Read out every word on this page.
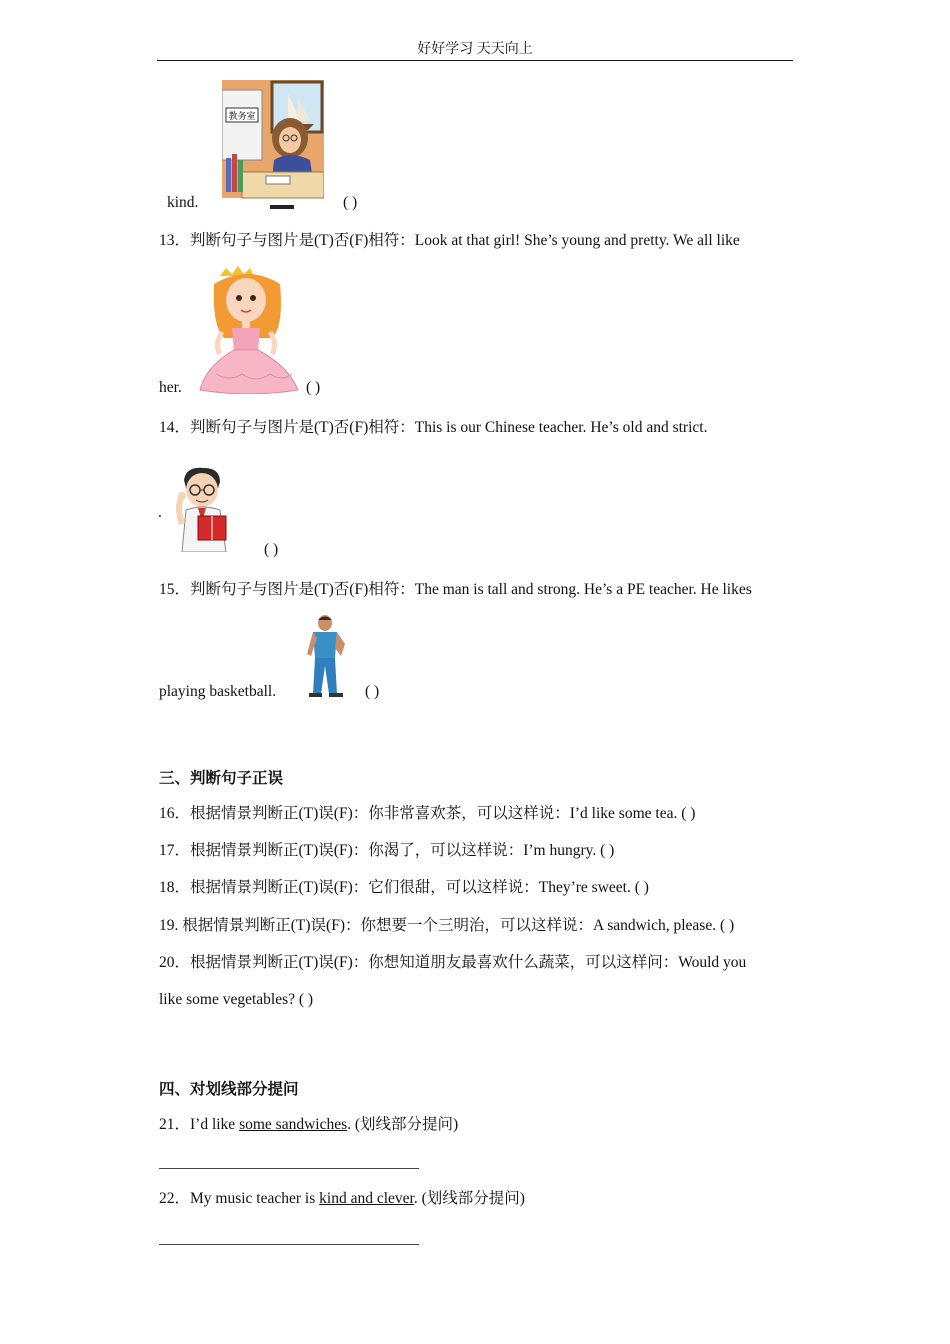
好好学习 天天向上
教务室
kind.	( )
13．判断句子与图片是(T)否(F)相符：Look at that girl! She’s young and pretty. We all like
her.	( )
14．判断句子与图片是(T)否(F)相符：This is our Chinese teacher. He’s old and strict.
.
( )
15．判断句子与图片是(T)否(F)相符：The man is tall and strong. He’s a PE teacher. He likes
playing basketball.	( )
三、判断句子正误
16．根据情景判断正(T)误(F)：你非常喜欢茶，可以这样说：I’d like some tea. ( )
17．根据情景判断正(T)误(F)：你渴了，可以这样说：I’m hungry. ( )
18．根据情景判断正(T)误(F)：它们很甜，可以这样说：They’re sweet. ( )
19. 根据情景判断正(T)误(F)：你想要一个三明治，可以这样说：A sandwich, please. ( )
20．根据情景判断正(T)误(F)：你想知道朋友最喜欢什么蔬菜，可以这样问：Would you
like some vegetables? ( )
四、对划线部分提问
21．I’d like some sandwiches. (划线部分提问)
22．My music teacher is kind and clever. (划线部分提问)
